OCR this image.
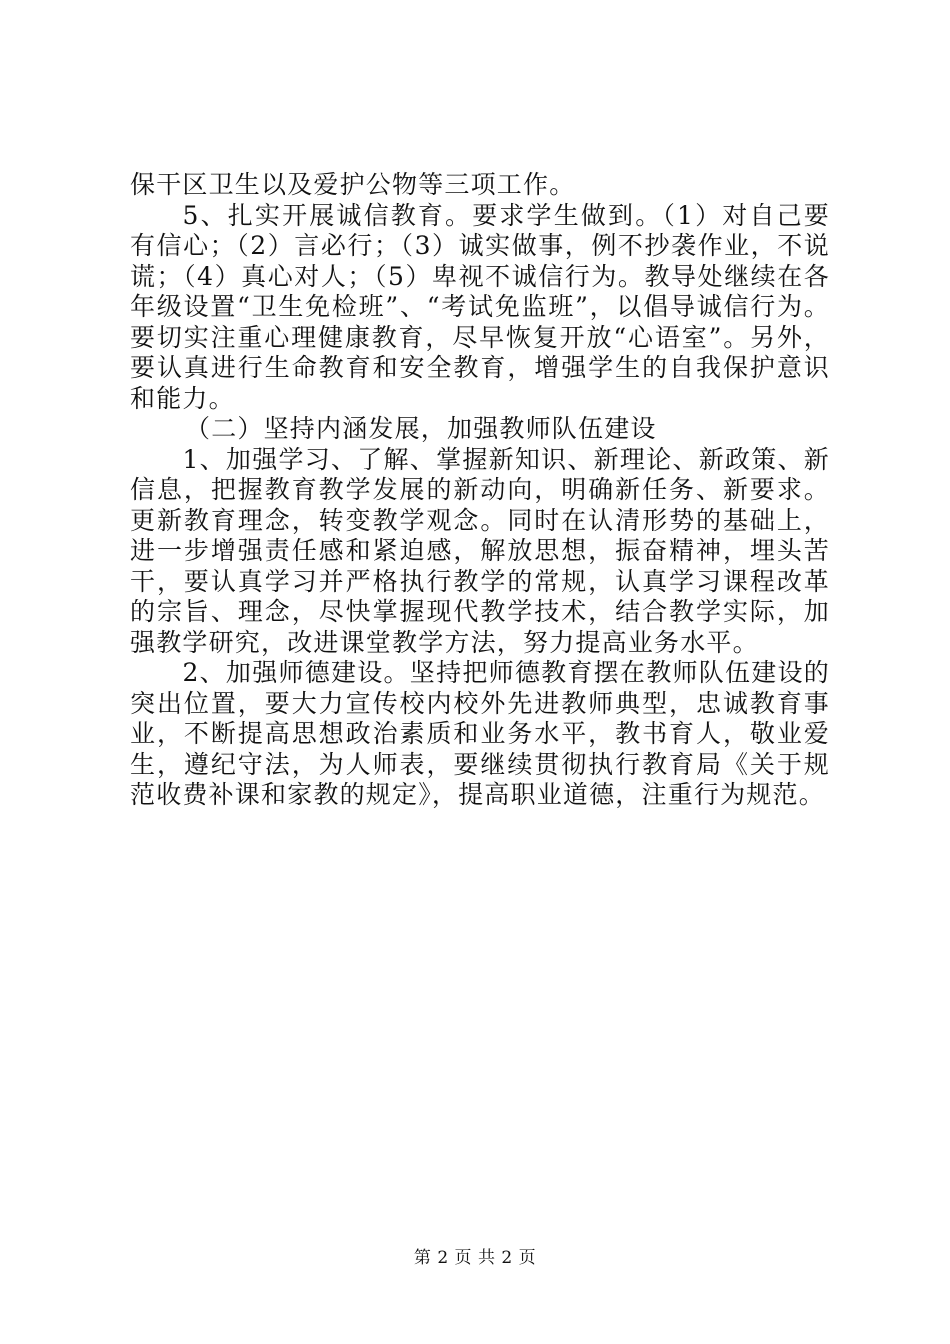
保干区卫生以及爱护公物等三项工作。

5、扎实开展诚信教育。要求学生做到。（1）对自己要有信心；（2）言必行；（3）诚实做事，例不抄袭作业，不说谎；（4）真心对人；（5）卑视不诚信行为。教导处继续在各年级设置“卫生免检班”、“考试免监班”，以倡导诚信行为。要切实注重心理健康教育，尽早恢复开放“心语室”。另外，要认真进行生命教育和安全教育，增强学生的自我保护意识和能力。

（二）坚持内涵发展，加强教师队伍建设

1、加强学习、了解、掌握新知识、新理论、新政策、新信息，把握教育教学发展的新动向，明确新任务、新要求。更新教育理念，转变教学观念。同时在认清形势的基础上，进一步增强责任感和紧迫感，解放思想，振奋精神，埋头苦干，要认真学习并严格执行教学的常规，认真学习课程改革的宗旨、理念，尽快掌握现代教学技术，结合教学实际，加强教学研究，改进课堂教学方法，努力提高业务水平。

2、加强师德建设。坚持把师德教育摆在教师队伍建设的突出位置，要大力宣传校内校外先进教师典型，忠诚教育事业，不断提高思想政治素质和业务水平，教书育人，敬业爱生，遵纪守法，为人师表，要继续贯彻执行教育局《关于规范收费补课和家教的规定》，提高职业道德，注重行为规范。

第 2 页 共 2 页
